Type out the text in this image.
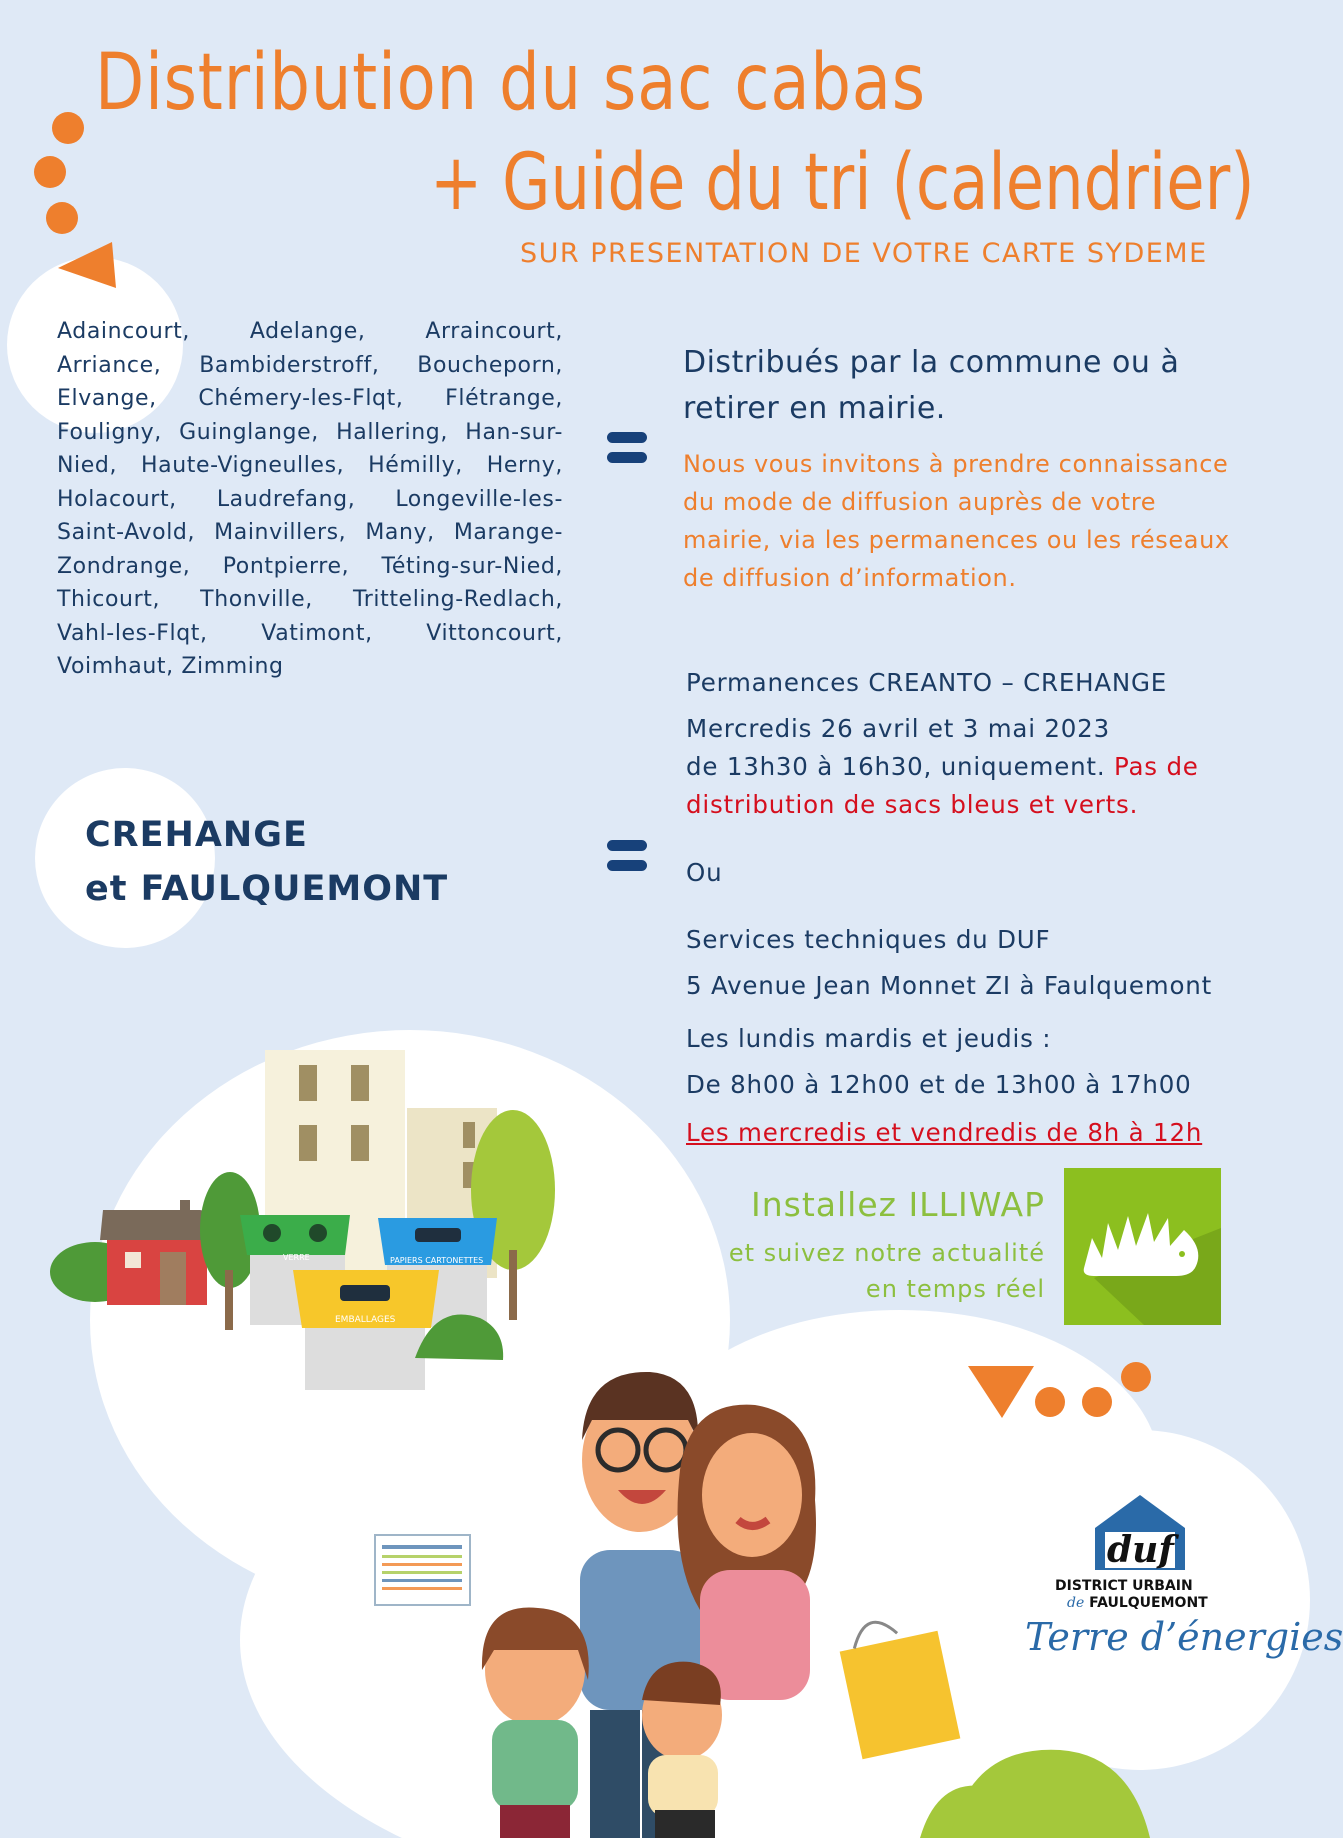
Distribution du sac cabas
+ Guide du tri (calendrier)
SUR PRESENTATION DE VOTRE CARTE SYDEME
Adaincourt, Adelange, Arraincourt, Arriance, Bambiderstroff, Boucheporn, Elvange, Chémery-les-Flqt, Flétrange, Fouligny, Guinglange, Hallering, Han-sur-Nied, Haute-Vigneulles, Hémilly, Herny, Holacourt, Laudrefang, Longeville-les-Saint-Avold, Mainvillers, Many, Marange-Zondrange, Pontpierre, Téting-sur-Nied, Thicourt, Thonville, Tritteling-Redlach, Vahl-les-Flqt, Vatimont, Vittoncourt, Voimhaut, Zimming
Distribués par la commune ou à retirer en mairie.
Nous vous invitons à prendre connaissance du mode de diffusion auprès de votre mairie, via les permanences ou les réseaux de diffusion d’information.
CREHANGE
et FAULQUEMONT
Permanences CREANTO – CREHANGE
Mercredis 26 avril et 3 mai 2023
de 13h30 à 16h30, uniquement. Pas de
distribution de sacs bleus et verts.
Ou
Services techniques du DUF
5 Avenue Jean Monnet ZI à Faulquemont
Les lundis mardis et jeudis :
De 8h00 à 12h00 et de 13h00 à 17h00
Les mercredis et vendredis de 8h à 12h
Installez ILLIWAP
et suivez notre actualité
en temps réel
VERRE	PAPIERS CARTONETTES
EMBALLAGES
duf
DISTRICT URBAIN
de FAULQUEMONT
Terre d’énergies
